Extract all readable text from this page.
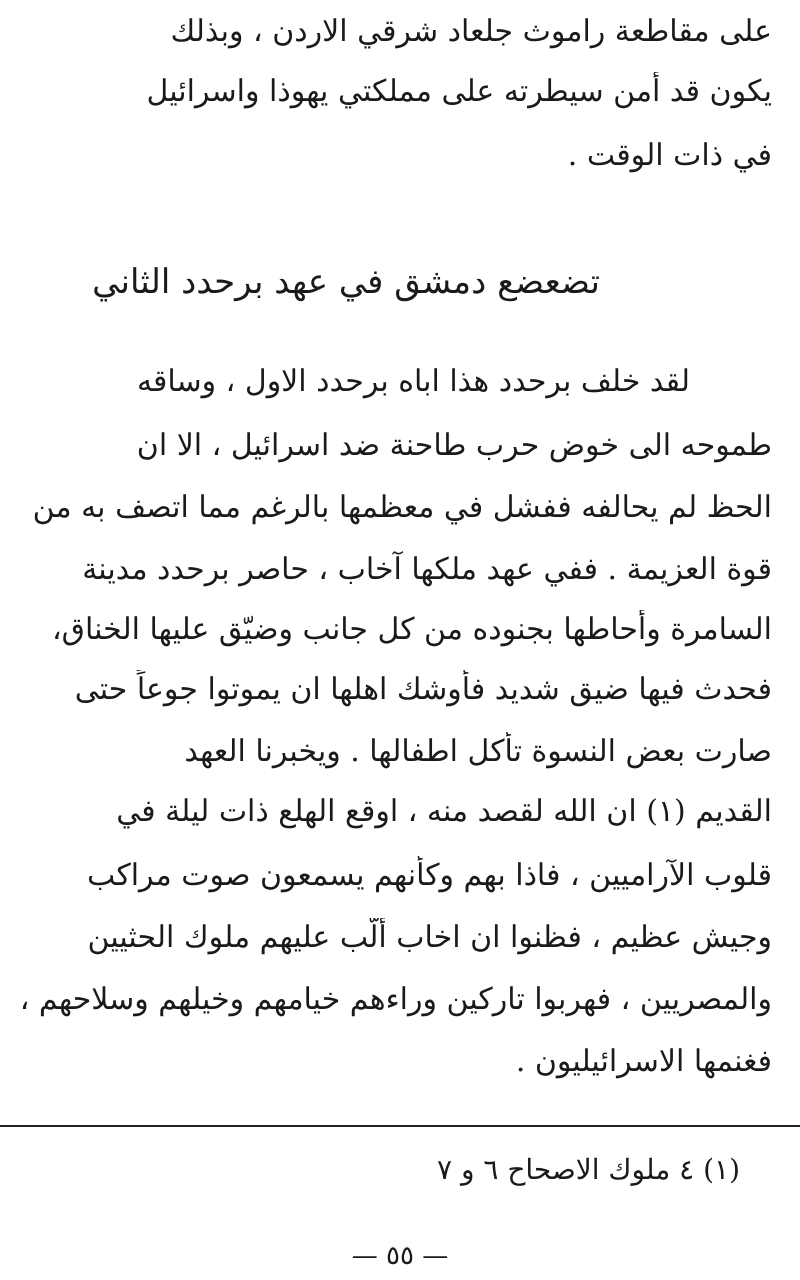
على مقاطعة راموث جلعاد شرقي الاردن ، وبذلك
يكون قد أمن سيطرته على مملكتي يهوذا واسرائيل
في ذات الوقت .
تضعضع دمشق في عهد برحدد الثاني
لقد خلف برحدد هذا اباه برحدد الاول ، وساقه
طموحه الى خوض حرب طاحنة ضد اسرائيل ، الا ان
الحظ لم يحالفه ففشل في معظمها بالرغم مما اتصف به من
قوة العزيمة . ففي عهد ملكها آخاب ، حاصر برحدد مدينة
السامرة وأحاطها بجنوده من كل جانب وضيّق عليها الخناق،
فحدث فيها ضيق شديد فأوشك اهلها ان يموتوا جوعاً حتى
صارت بعض النسوة تأكل اطفالها . ويخبرنا العهد
القديم (١) ان الله لقصد منه ، اوقع الهلع ذات ليلة في
قلوب الآراميين ، فاذا بهم وكأنهم يسمعون صوت مراكب
وجيش عظيم ، فظنوا ان اخاب ألّب عليهم ملوك الحثيين
والمصريين ، فهربوا تاركين وراءهم خيامهم وخيلهم وسلاحهم ،
فغنمها الاسرائيليون .
(١) ٤ ملوك الاصحاح ٦ و ٧
— ٥٥ —
